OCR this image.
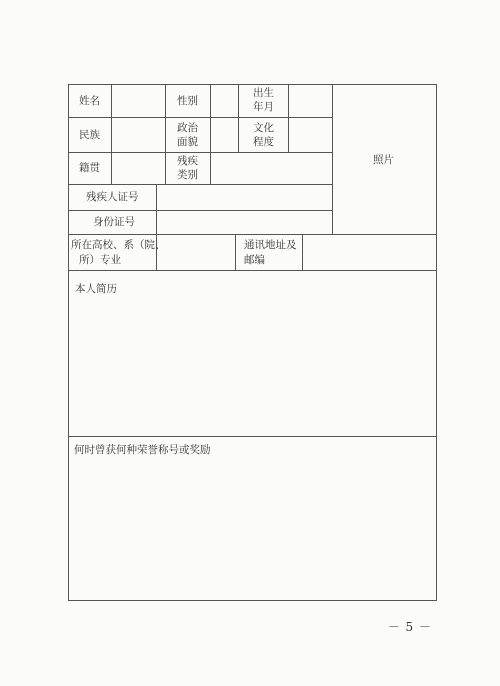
姓名	性别
出生
年月
照片
民族
政治
面貌
文化
程度
籍贯
残疾
类别
残疾人证号
身份证号
所在高校、系（院、
所）专业
通讯地址及
邮编
本人简历
何时曾获何种荣誉称号或奖励
－ 5 －
